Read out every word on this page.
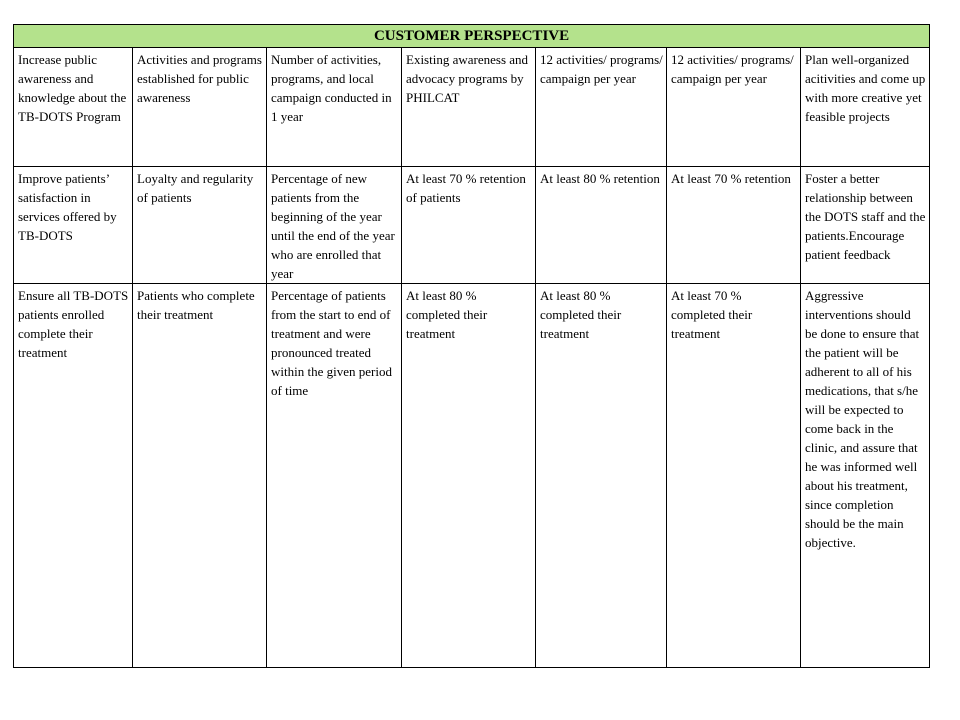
CUSTOMER PERSPECTIVE						
Increase public awareness and knowledge about the TB-DOTS Program	Activities and programs established for public awareness	Number of activities, programs, and local campaign conducted in 1 year	Existing awareness and advocacy programs by PHILCAT	12 activities/ programs/ campaign per year	12 activities/ programs/ campaign per year	Plan well-organized acitivities and come up with more creative yet feasible projects
Improve patients’ satisfaction in services offered by TB-DOTS	Loyalty and regularity of patients	Percentage of new patients from the beginning of the year until the end of the year who are enrolled that year	At least 70 % retention of patients	At least 80 % retention	At least 70 % retention	Foster a better relationship between the DOTS staff and the patients.Encourage patient feedback
Ensure all TB-DOTS patients enrolled complete their treatment	Patients who complete their treatment	Percentage of patients from the start to end of treatment and were pronounced treated within the given period of time	At least 80 % completed their treatment	At least 80 % completed their treatment	At least 70 % completed their treatment	Aggressive interventions should be done to ensure that the patient will be adherent to all of his medications, that s/he will be expected to come back in the clinic, and assure that he was informed well about his treatment, since completion should be the main objective.
